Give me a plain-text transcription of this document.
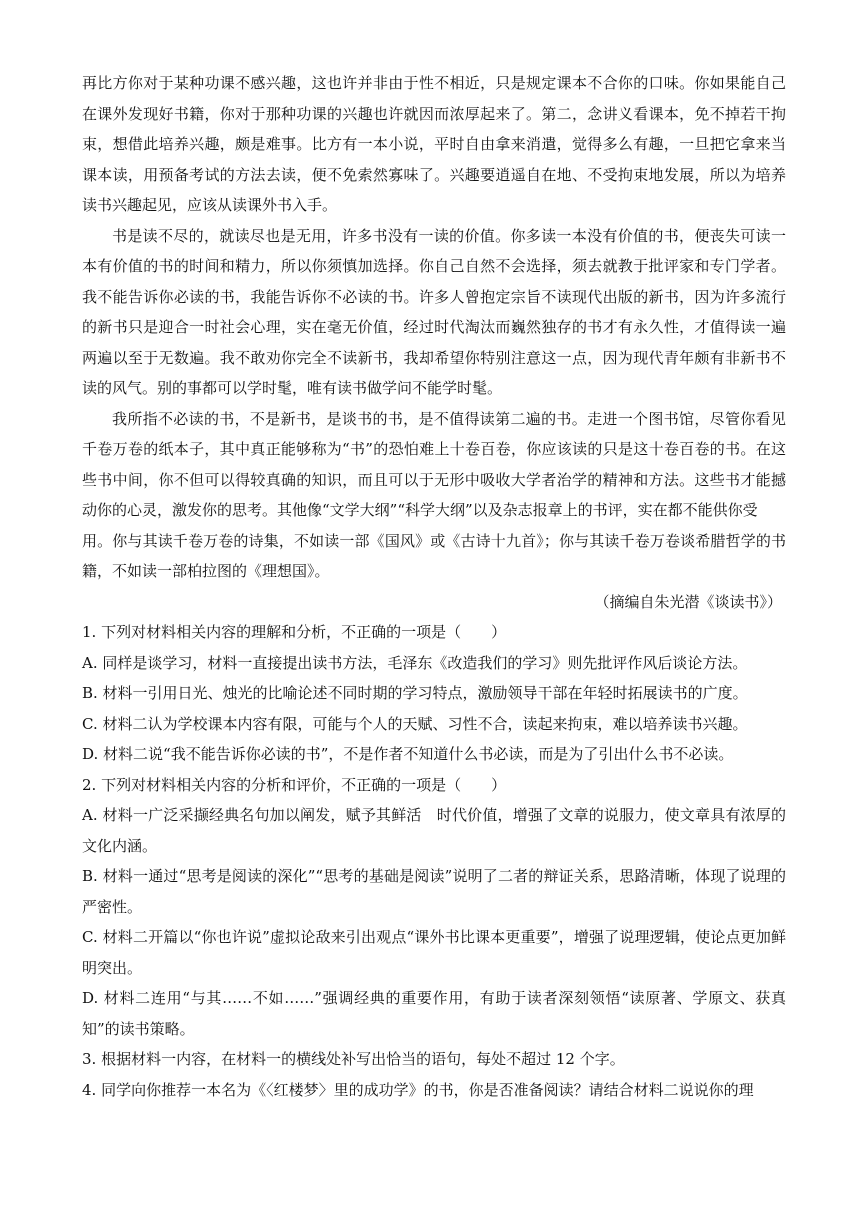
再比方你对于某种功课不感兴趣，这也许并非由于性不相近，只是规定课本不合你的口味。你如果能自己在课外发现好书籍，你对于那种功课的兴趣也许就因而浓厚起来了。第二，念讲义看课本，免不掉若干拘束，想借此培养兴趣，颇是难事。比方有一本小说，平时自由拿来消遣，觉得多么有趣，一旦把它拿来当课本读，用预备考试的方法去读，便不免索然寡味了。兴趣要逍遥自在地、不受拘束地发展，所以为培养读书兴趣起见，应该从读课外书入手。

书是读不尽的，就读尽也是无用，许多书没有一读的价值。你多读一本没有价值的书，便丧失可读一本有价值的书的时间和精力，所以你须慎加选择。你自己自然不会选择，须去就教于批评家和专门学者。我不能告诉你必读的书，我能告诉你不必读的书。许多人曾抱定宗旨不读现代出版的新书，因为许多流行的新书只是迎合一时社会心理，实在毫无价值，经过时代淘汰而巍然独存的书才有永久性，才值得读一遍两遍以至于无数遍。我不敢劝你完全不读新书，我却希望你特别注意这一点，因为现代青年颇有非新书不读的风气。别的事都可以学时髦，唯有读书做学问不能学时髦。

我所指不必读的书，不是新书，是谈书的书，是不值得读第二遍的书。走进一个图书馆，尽管你看见千卷万卷的纸本子，其中真正能够称为“书”的恐怕难上十卷百卷，你应该读的只是这十卷百卷的书。在这些书中间，你不但可以得较真确的知识，而且可以于无形中吸收大学者治学的精神和方法。这些书才能撼动你的心灵，激发你的思考。其他像“文学大纲”“科学大纲”以及杂志报章上的书评，实在都不能供你受

用。你与其读千卷万卷的诗集，不如读一部《国风》或《古诗十九首》；你与其读千卷万卷谈希腊哲学的书籍，不如读一部柏拉图的《理想国》。

（摘编自朱光潜《谈读书》）

1. 下列对材料相关内容的理解和分析，不正确的一项是（　　）

A. 同样是谈学习，材料一直接提出读书方法，毛泽东《改造我们的学习》则先批评作风后谈论方法。

B. 材料一引用日光、烛光的比喻论述不同时期的学习特点，激励领导干部在年轻时拓展读书的广度。

C. 材料二认为学校课本内容有限，可能与个人的天赋、习性不合，读起来拘束，难以培养读书兴趣。

D. 材料二说“我不能告诉你必读的书”，不是作者不知道什么书必读，而是为了引出什么书不必读。

2. 下列对材料相关内容的分析和评价，不正确的一项是（　　）

A. 材料一广泛采撷经典名句加以阐发，赋予其鲜活　时代价值，增强了文章的说服力，使文章具有浓厚的文化内涵。

B. 材料一通过“思考是阅读的深化”“思考的基础是阅读”说明了二者的辩证关系，思路清晰，体现了说理的严密性。

C. 材料二开篇以“你也许说”虚拟论敌来引出观点“课外书比课本更重要”，增强了说理逻辑，使论点更加鲜明突出。

D. 材料二连用“与其……不如……”强调经典的重要作用，有助于读者深刻领悟“读原著、学原文、获真知”的读书策略。

3. 根据材料一内容，在材料一的横线处补写出恰当的语句，每处不超过 12 个字。

4. 同学向你推荐一本名为《〈红楼梦〉里的成功学》的书，你是否准备阅读？请结合材料二说说你的理
